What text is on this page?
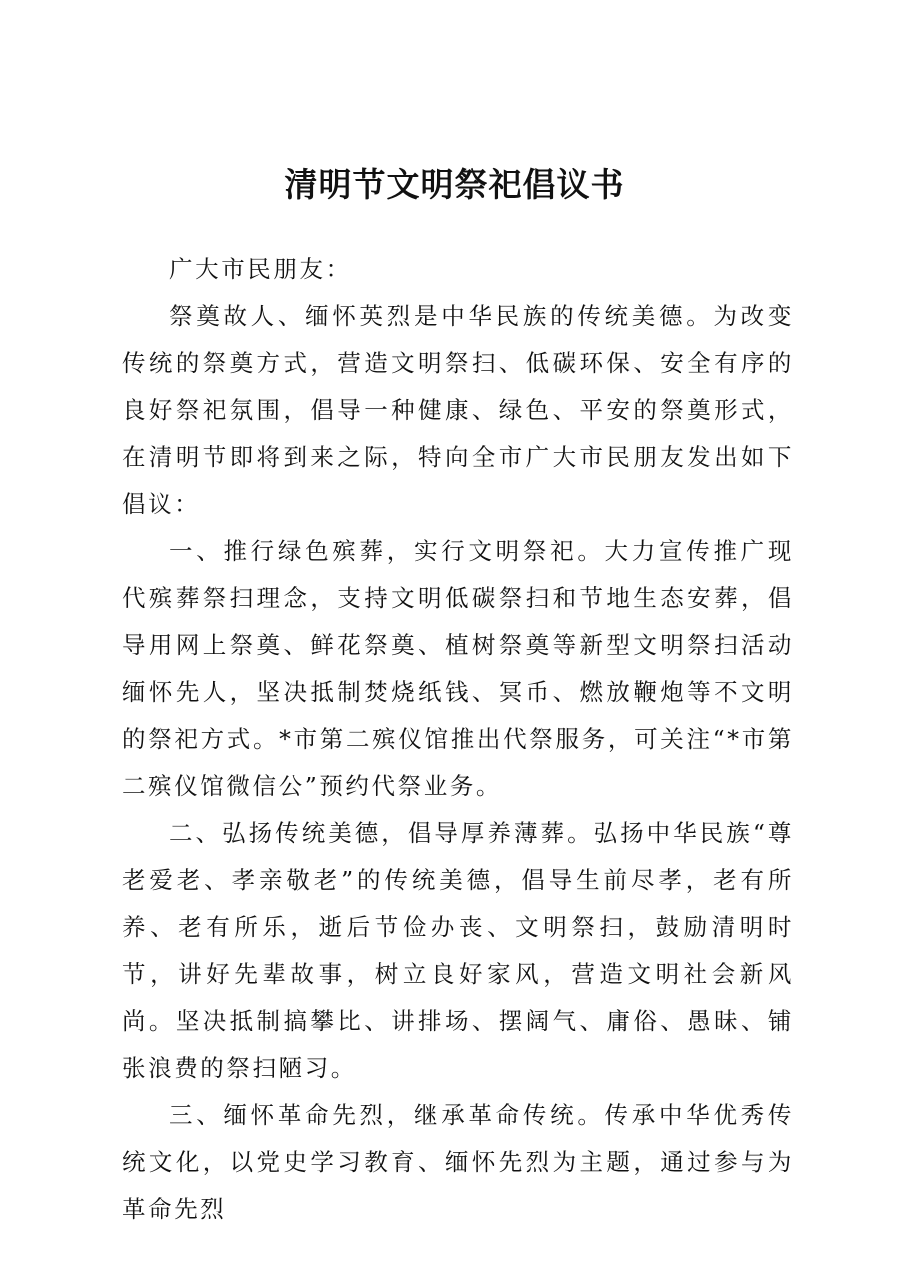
清明节文明祭祀倡议书

广大市民朋友：

祭奠故人、缅怀英烈是中华民族的传统美德。为改变传统的祭奠方式，营造文明祭扫、低碳环保、安全有序的良好祭祀氛围，倡导一种健康、绿色、平安的祭奠形式，在清明节即将到来之际，特向全市广大市民朋友发出如下倡议：

一、推行绿色殡葬，实行文明祭祀。大力宣传推广现代殡葬祭扫理念，支持文明低碳祭扫和节地生态安葬，倡导用网上祭奠、鲜花祭奠、植树祭奠等新型文明祭扫活动缅怀先人，坚决抵制焚烧纸钱、冥币、燃放鞭炮等不文明的祭祀方式。*市第二殡仪馆推出代祭服务，可关注“*市第二殡仪馆微信公”预约代祭业务。

二、弘扬传统美德，倡导厚养薄葬。弘扬中华民族“尊老爱老、孝亲敬老”的传统美德，倡导生前尽孝，老有所养、老有所乐，逝后节俭办丧、文明祭扫，鼓励清明时节，讲好先辈故事，树立良好家风，营造文明社会新风尚。坚决抵制搞攀比、讲排场、摆阔气、庸俗、愚昧、铺张浪费的祭扫陋习。

三、缅怀革命先烈，继承革命传统。传承中华优秀传统文化，以党史学习教育、缅怀先烈为主题，通过参与为革命先烈
